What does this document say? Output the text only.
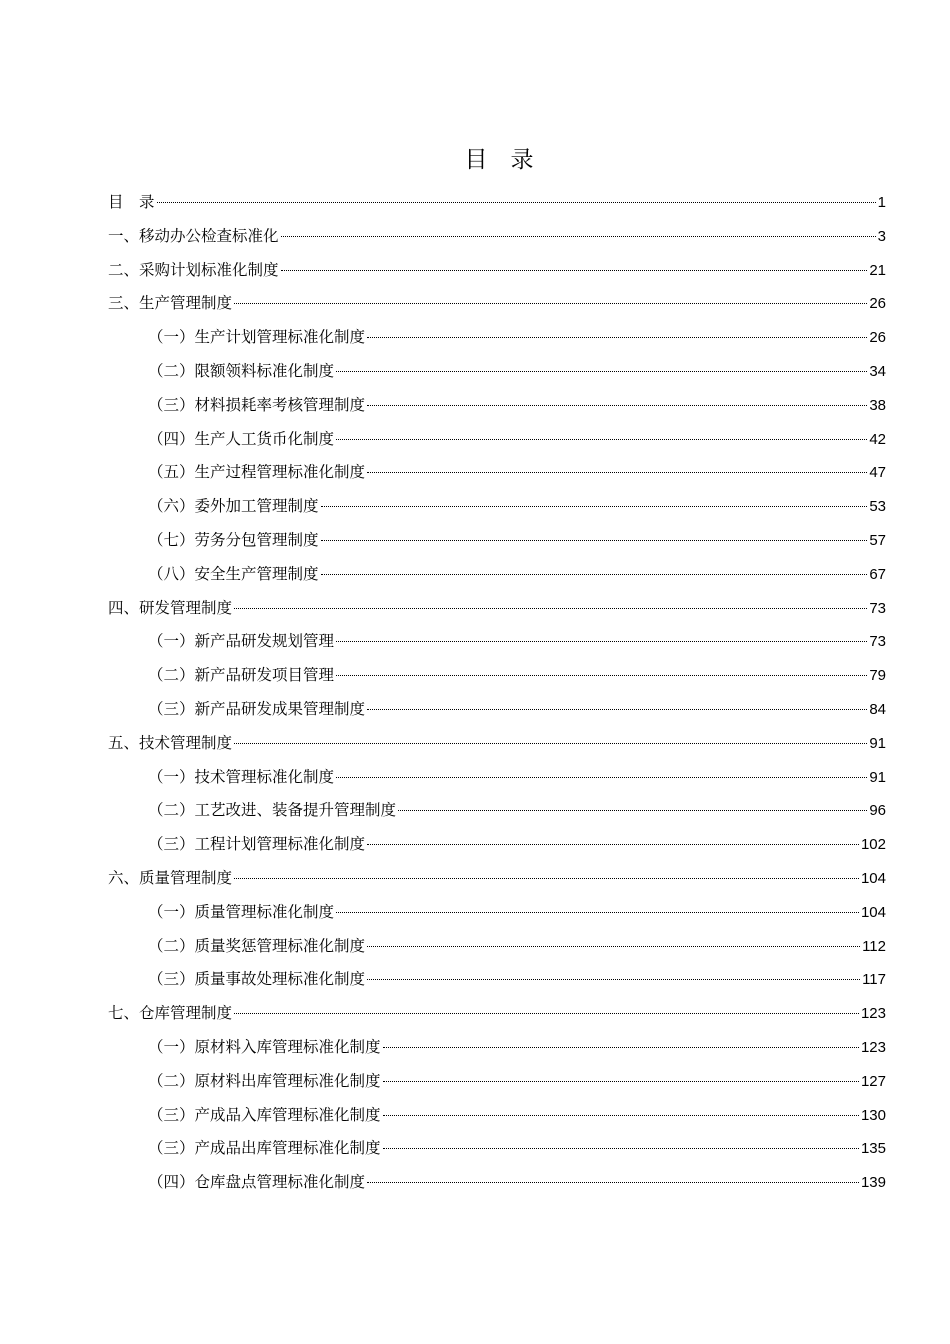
目　录
目　录	1
一、移动办公检查标准化	3
二、采购计划标准化制度	21
三、生产管理制度	26
（一）生产计划管理标准化制度	26
（二）限额领料标准化制度	34
（三）材料损耗率考核管理制度	38
（四）生产人工货币化制度	42
（五）生产过程管理标准化制度	47
（六）委外加工管理制度	53
（七）劳务分包管理制度	57
（八）安全生产管理制度	67
四、研发管理制度	73
（一）新产品研发规划管理	73
（二）新产品研发项目管理	79
（三）新产品研发成果管理制度	84
五、技术管理制度	91
（一）技术管理标准化制度	91
（二）工艺改进、装备提升管理制度	96
（三）工程计划管理标准化制度	102
六、质量管理制度	104
（一）质量管理标准化制度	104
（二）质量奖惩管理标准化制度	112
（三）质量事故处理标准化制度	117
七、仓库管理制度	123
（一）原材料入库管理标准化制度	123
（二）原材料出库管理标准化制度	127
（三）产成品入库管理标准化制度	130
（三）产成品出库管理标准化制度	135
（四）仓库盘点管理标准化制度	139
